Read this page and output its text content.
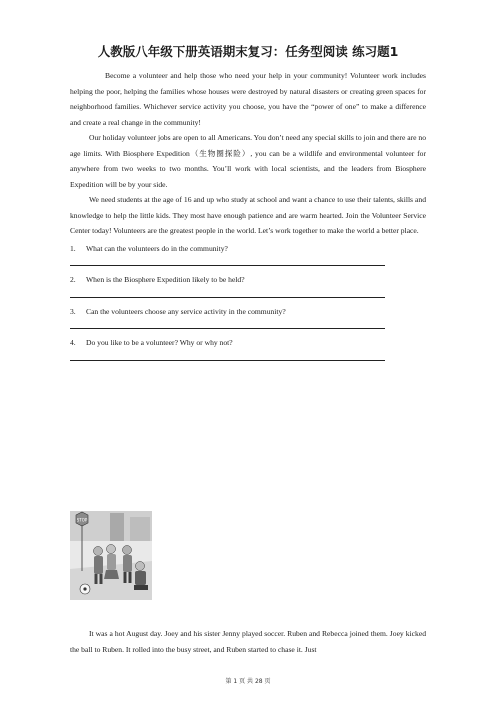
人教版八年级下册英语期末复习：任务型阅读 练习题1

Become a volunteer and help those who need your help in your community! Volunteer work includes helping the poor, helping the families whose houses were destroyed by natural disasters or creating green spaces for neighborhood families. Whichever service activity you choose, you have the “power of one” to make a difference and create a real change in the community!

Our holiday volunteer jobs are open to all Americans. You don’t need any special skills to join and there are no age limits. With Biosphere Expedition（生物圈探险）, you can be a wildlife and environmental volunteer for anywhere from two weeks to two months. You’ll work with local scientists, and the leaders from Biosphere Expedition will be by your side.

We need students at the age of 16 and up who study at school and want a chance to use their talents, skills and knowledge to help the little kids. They most have enough patience and are warm hearted. Join the Volunteer Service Center today! Volunteers are the greatest people in the world. Let’s work together to make the world a better place.

1. What can the volunteers do in the community?
2. When is the Biosphere Expedition likely to be held?
3. Can the volunteers choose any service activity in the community?
4. Do you like to be a volunteer? Why or why not?
STOP

It was a hot August day. Joey and his sister Jenny played soccer. Ruben and Rebecca joined them. Joey kicked the ball to Ruben. It rolled into the busy street, and Ruben started to chase it. Just

第 1 页 共 28 页
